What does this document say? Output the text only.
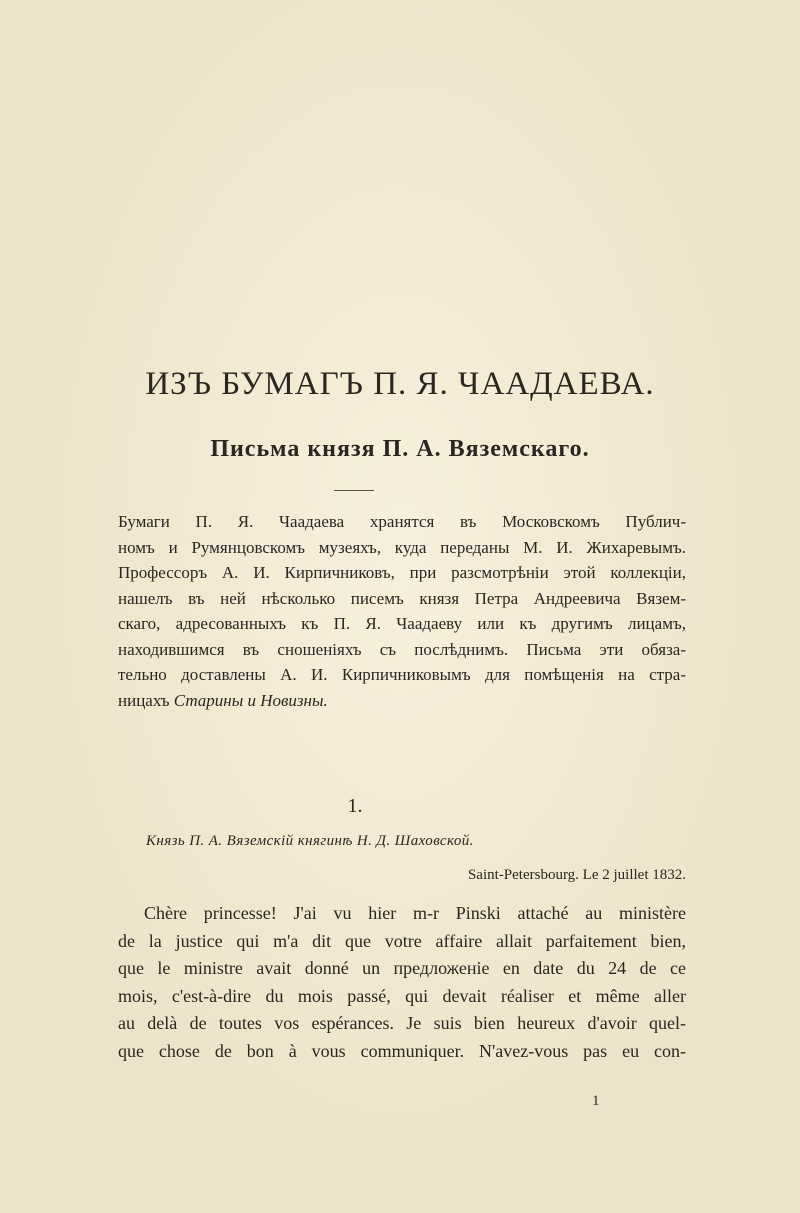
ИЗЪ БУМАГЪ П. Я. ЧААДАЕВА.
Письма князя П. А. Вяземскаго.
Бумаги П. Я. Чаадаева хранятся въ Московскомъ Публич-
номъ и Румянцовскомъ музеяхъ, куда переданы М. И. Жихаревымъ.
Профессоръ А. И. Кирпичниковъ, при разсмотрѣніи этой коллекціи,
нашелъ въ ней нѣсколько писемъ князя Петра Андреевича Вязем-
скаго, адресованныхъ къ П. Я. Чаадаеву или къ другимъ лицамъ,
находившимся въ сношеніяхъ съ послѣднимъ. Письма эти обяза-
тельно доставлены А. И. Кирпичниковымъ для помѣщенія на стра-
ницахъ Старины и Новизны.
1.
Князь П. А. Вяземскій княгинѣ Н. Д. Шаховской.
Saint-Petersbourg. Le 2 juillet 1832.
Chère princesse! J'ai vu hier m-r Pinski attaché au ministère
de la justice qui m'a dit que votre affaire allait parfaitement bien,
que le ministre avait donné un предложеніе en date du 24 de ce
mois, c'est-à-dire du mois passé, qui devait réaliser et même aller
au delà de toutes vos espérances. Je suis bien heureux d'avoir quel-
que chose de bon à vous communiquer. N'avez-vous pas eu con-
1
